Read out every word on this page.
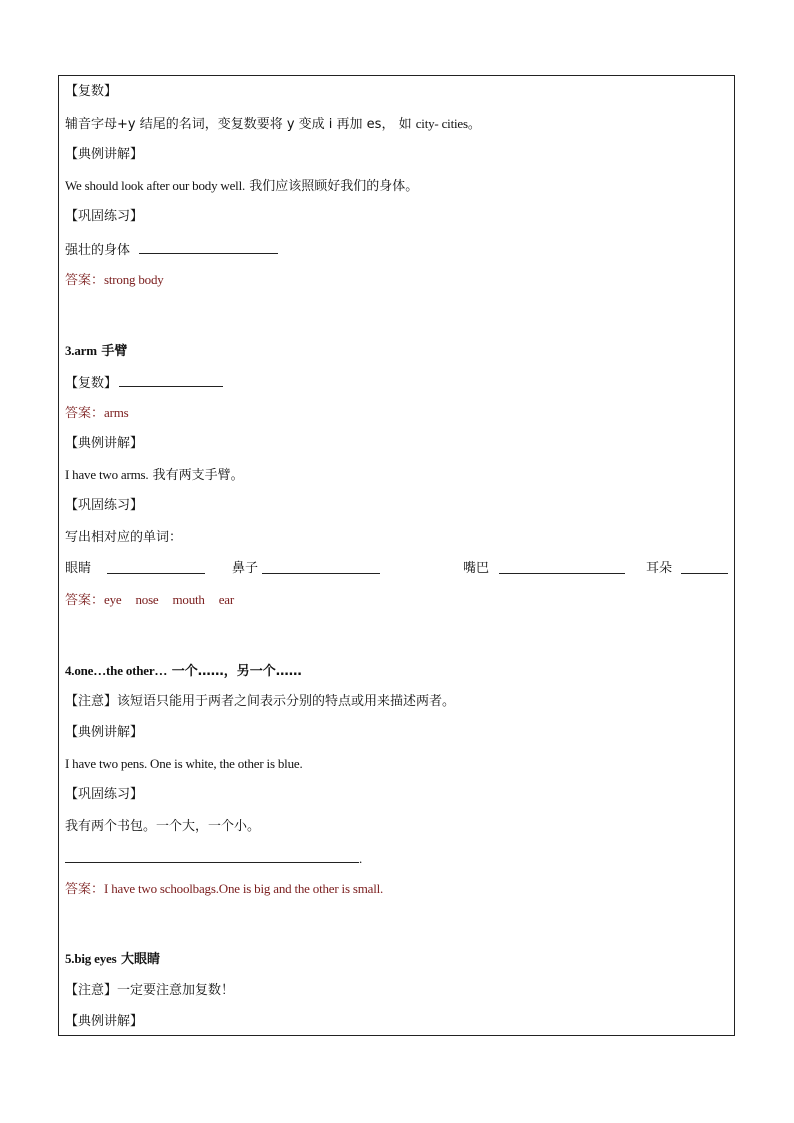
【复数】
辅音字母+y 结尾的名词，变复数要将 y 变成 i 再加 es， 如 city- cities。
【典例讲解】
We should look after our body well. 我们应该照顾好我们的身体。
【巩固练习】
强壮的身体
答案：strong body
3.arm 手臂
【复数】
答案：arms
【典例讲解】
I have two arms. 我有两支手臂。
【巩固练习】
写出相对应的单词：
眼睛	鼻子	嘴巴	耳朵
答案：eye nose mouth ear
4.one…the other… 一个……，另一个……
【注意】该短语只能用于两者之间表示分别的特点或用来描述两者。
【典例讲解】
I have two pens. One is white, the other is blue.
【巩固练习】
我有两个书包。一个大，一个小。
.
答案：I have two schoolbags.One is big and the other is small.
5.big eyes 大眼睛
【注意】一定要注意加复数！
【典例讲解】
